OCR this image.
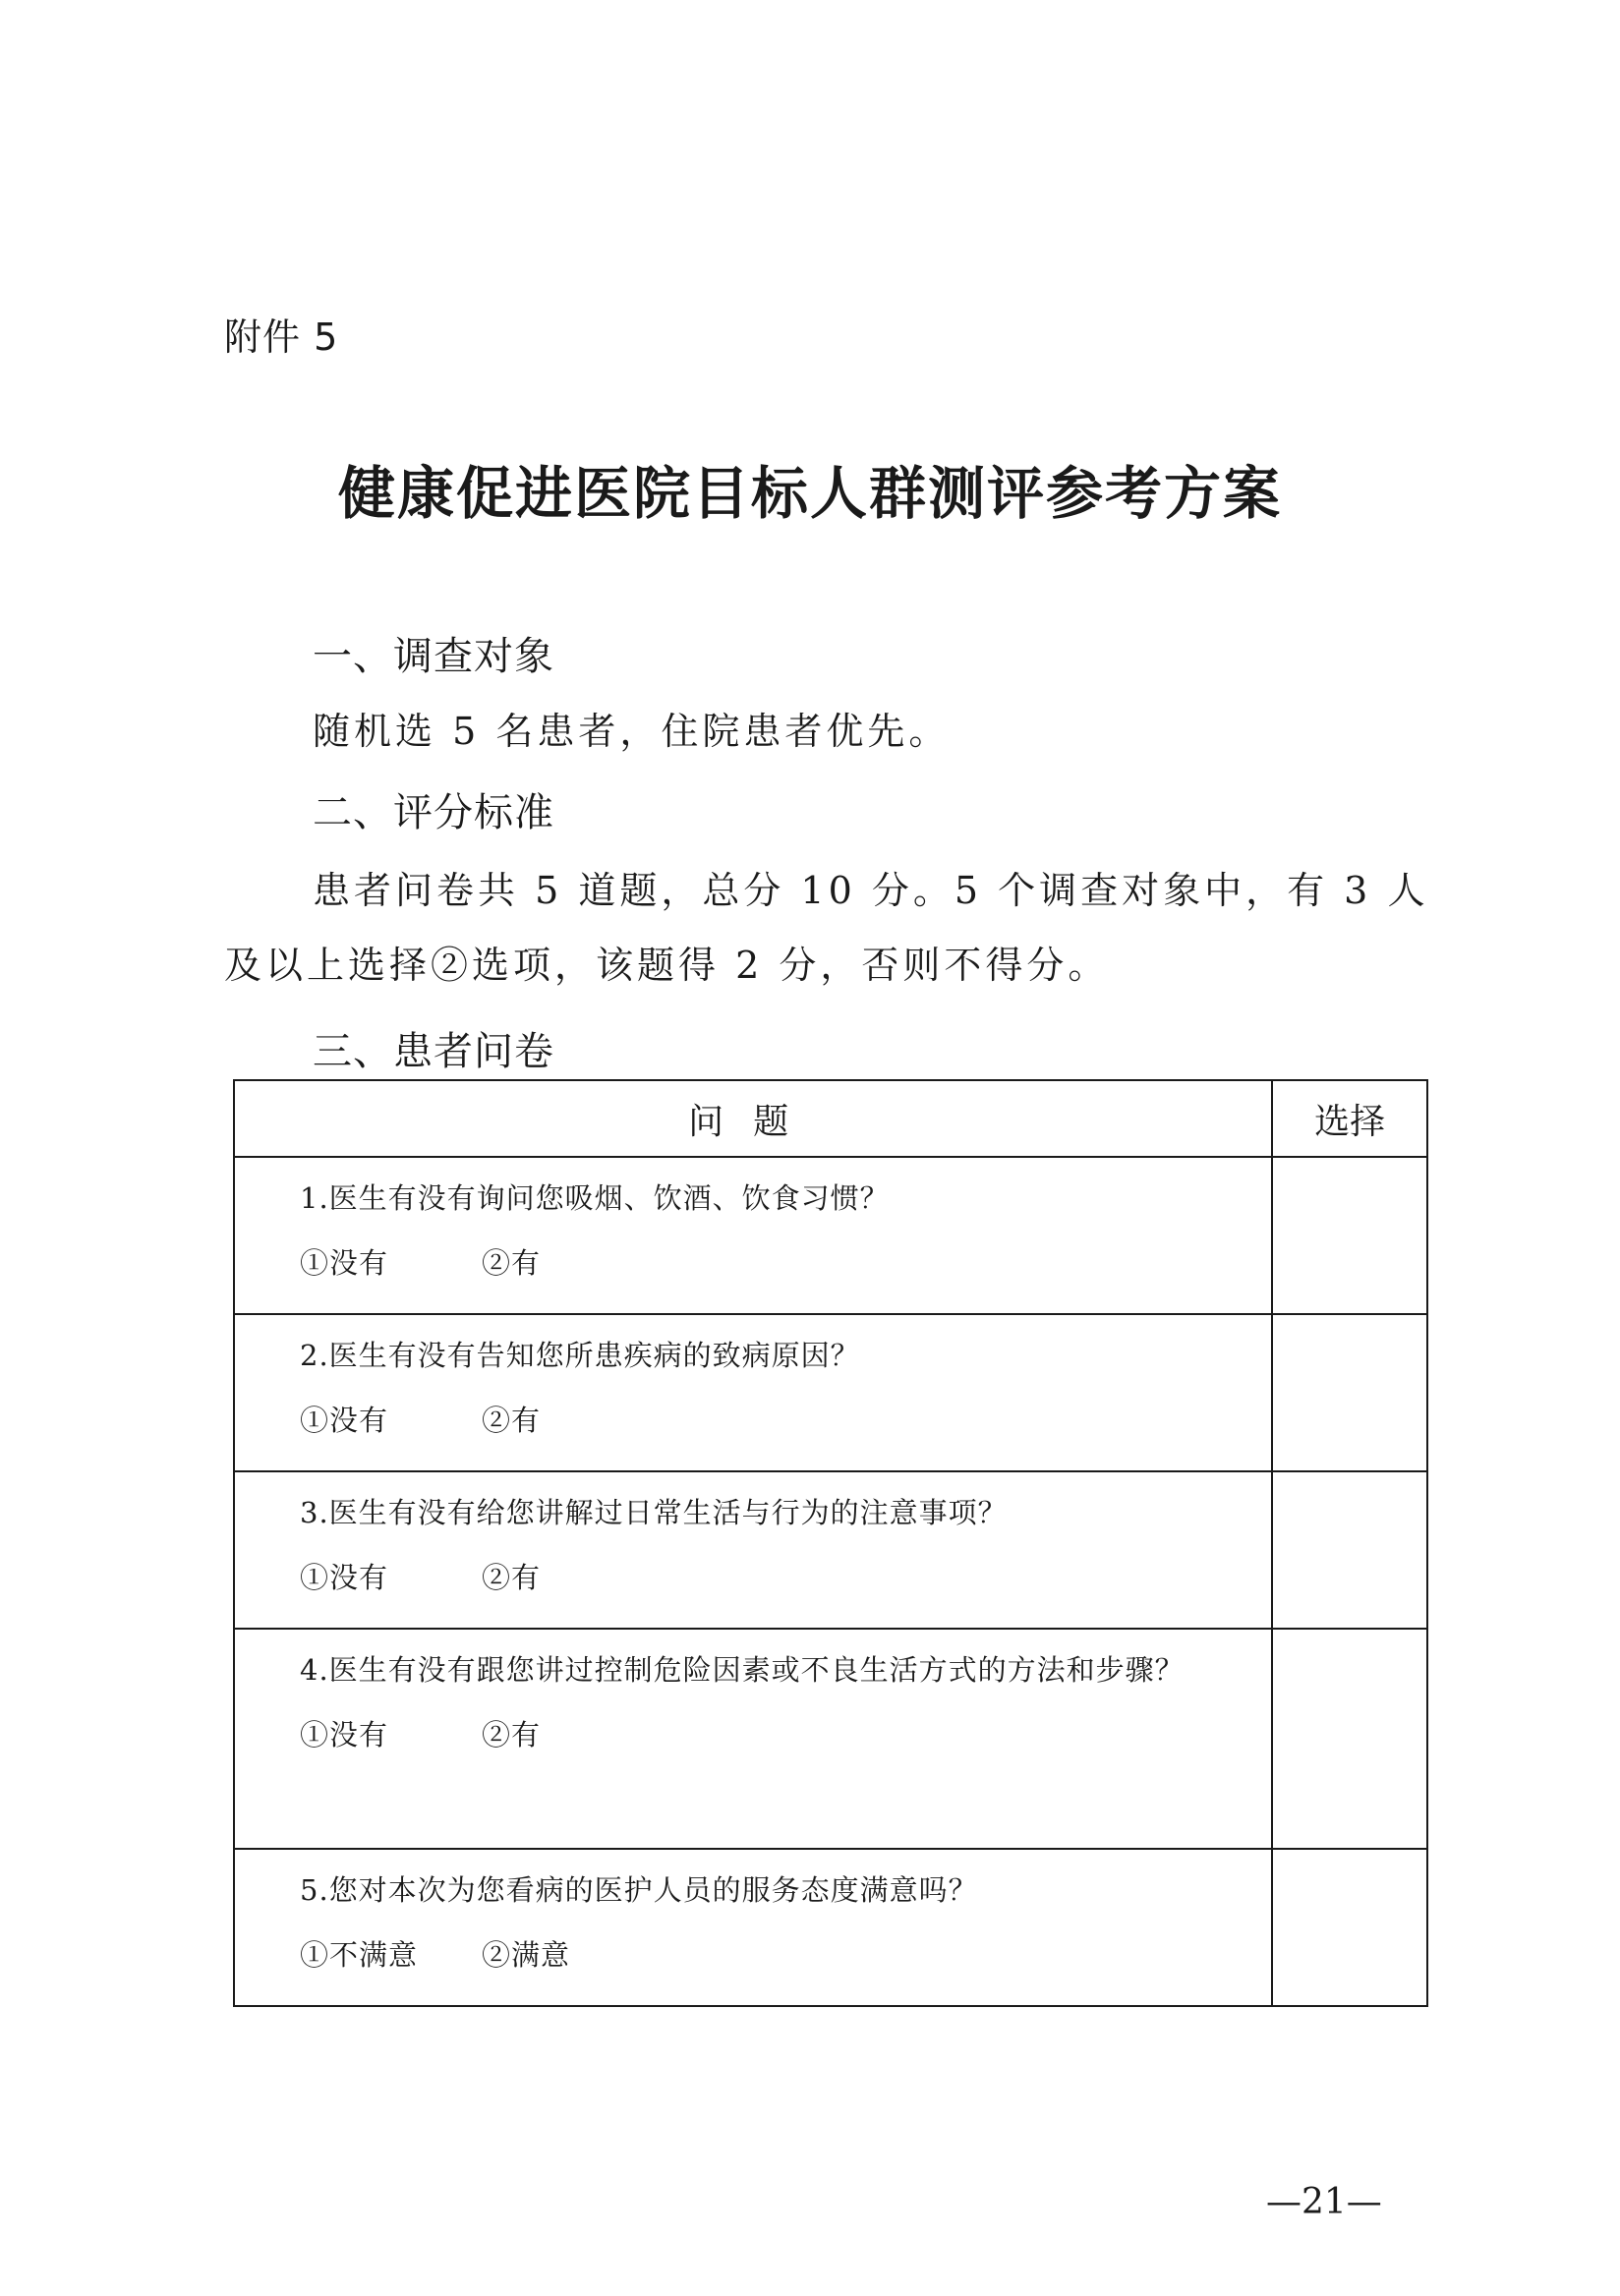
附件 5
健康促进医院目标人群测评参考方案
一、调查对象
随机选 5 名患者，住院患者优先。
二、评分标准
患者问卷共 5 道题，总分 10 分。5 个调查对象中，有 3 人及以上选择②选项，该题得 2 分，否则不得分。
三、患者问卷
问题	选择

1.医生有没有询问您吸烟、饮酒、饮食习惯？
①没有 ②有	

2.医生有没有告知您所患疾病的致病原因？
①没有 ②有	

3.医生有没有给您讲解过日常生活与行为的注意事项？
①没有 ②有	

4.医生有没有跟您讲过控制危险因素或不良生活方式的方法和步骤？
①没有 ②有	

5.您对本次为您看病的医护人员的服务态度满意吗？
①不满意 ②满意	

—21—
